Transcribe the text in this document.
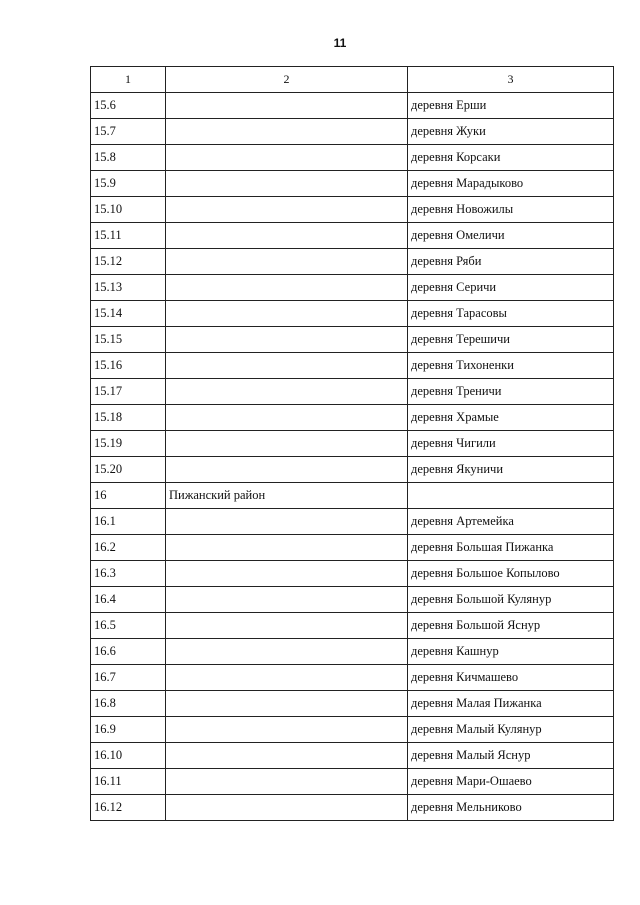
11
1	2	3
15.6		деревня Ерши
15.7		деревня Жуки
15.8		деревня Корсаки
15.9		деревня Марадыково
15.10		деревня Новожилы
15.11		деревня Омеличи
15.12		деревня Ряби
15.13		деревня Серичи
15.14		деревня Тарасовы
15.15		деревня Терешичи
15.16		деревня Тихоненки
15.17		деревня Треничи
15.18		деревня Храмые
15.19		деревня Чигили
15.20		деревня Якуничи
16	Пижанский район	
16.1		деревня Артемейка
16.2		деревня Большая Пижанка
16.3		деревня Большое Копылово
16.4		деревня Большой Кулянур
16.5		деревня Большой Яснур
16.6		деревня Кашнур
16.7		деревня Кичмашево
16.8		деревня Малая Пижанка
16.9		деревня Малый Кулянур
16.10		деревня Малый Яснур
16.11		деревня Мари-Ошаево
16.12		деревня Мельниково
